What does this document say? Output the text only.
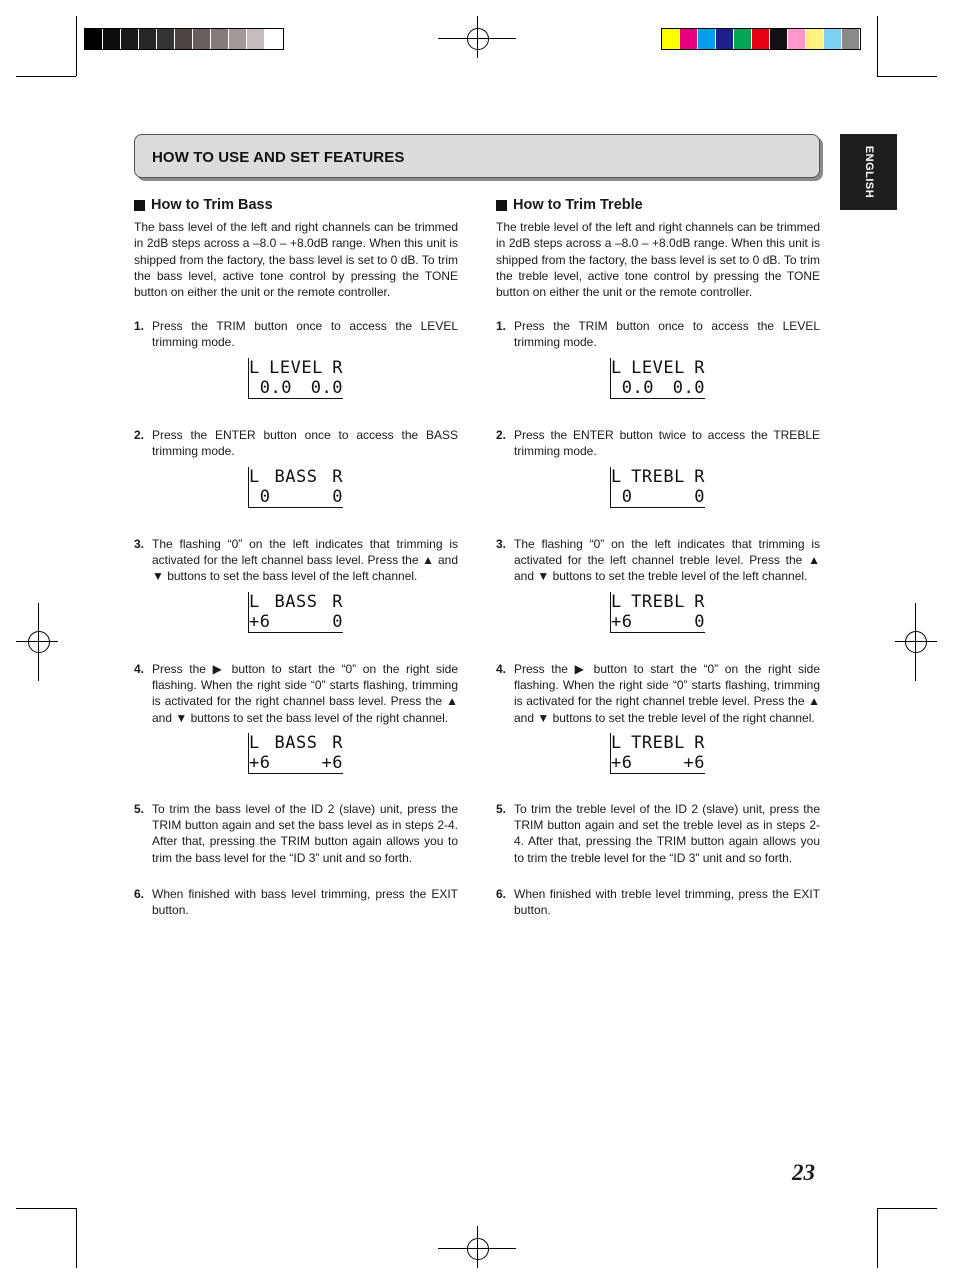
HOW TO USE AND SET FEATURES	ENGLISH
How to Trim Bass
The bass level of the left and right channels can be trimmed in 2dB steps across a –8.0 – +8.0dB range. When this unit is shipped from the factory, the bass level is set to 0 dB. To trim the bass level, active tone control by pressing the TONE button on either the unit or the remote controller.
1. Press the TRIM button once to access the LEVEL trimming mode.
2. Press the ENTER button once to access the BASS trimming mode.
3. The flashing “0” on the left indicates that trimming is activated for the left channel bass level. Press the ▲ and ▼ buttons to set the bass level of the left channel.
4. Press the ▶ button to start the “0” on the right side flashing. When the right side “0” starts flashing, trimming is activated for the right channel bass level. Press the ▲ and ▼ buttons to set the bass level of the right channel.
5. To trim the bass level of the ID 2 (slave) unit, press the TRIM button again and set the bass level as in steps 2-4. After that, pressing the TRIM button again allows you to trim the bass level for the “ID 3” unit and so forth.
6. When finished with bass level trimming, press the EXIT button.
L LEVEL R
0.0 0.0
L BASS R
0	0
L BASS R
+6	0
L BASS R
+6	+6
How to Trim Treble
The treble level of the left and right channels can be trimmed in 2dB steps across a –8.0 – +8.0dB range. When this unit is shipped from the factory, the bass level is set to 0 dB. To trim the treble level, active tone control by pressing the TONE button on either the unit or the remote controller.
1. Press the TRIM button once to access the LEVEL trimming mode.
2. Press the ENTER button twice to access the TREBLE trimming mode.
3. The flashing “0” on the left indicates that trimming is activated for the left channel treble level. Press the ▲ and ▼ buttons to set the treble level of the left channel.
4. Press the ▶ button to start the “0” on the right side flashing. When the right side “0” starts flashing, trimming is activated for the right channel treble level. Press the ▲ and ▼ buttons to set the treble level of the right channel.
5. To trim the treble level of the ID 2 (slave) unit, press the TRIM button again and set the treble level as in steps 2-4. After that, pressing the TRIM button again allows you to trim the treble level for the “ID 3” unit and so forth.
6. When finished with treble level trimming, press the EXIT button.
L LEVEL R
0.0 0.0
L TREBL R
0	0
L TREBL R
+6	0
L TREBL R
+6	+6
23
